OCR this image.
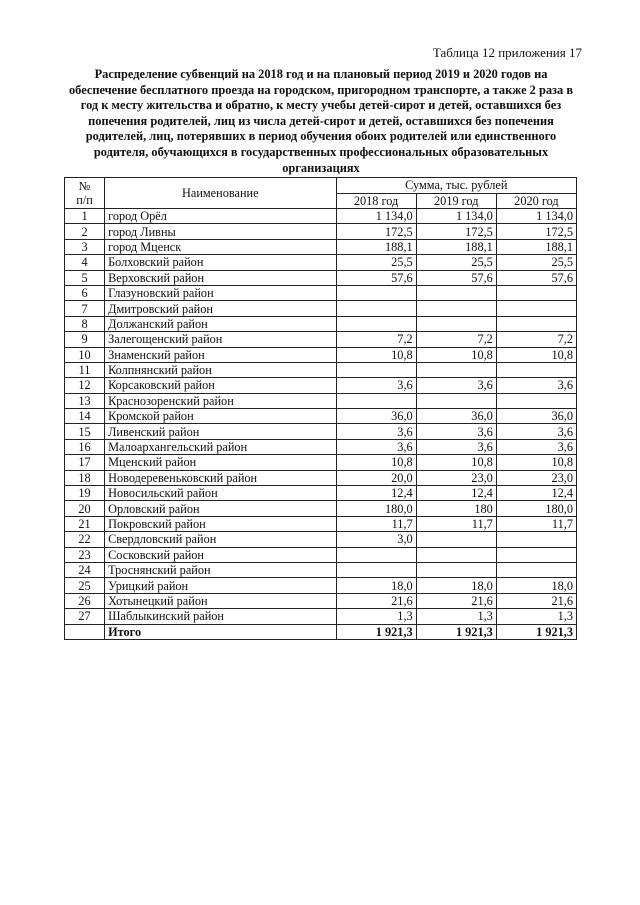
Таблица 12 приложения 17
Распределение субвенций на 2018 год и на плановый период 2019 и 2020 годов на обеспечение бесплатного проезда на городском, пригородном транспорте, а также 2 раза в год к месту жительства и обратно, к месту учебы детей-сирот и детей, оставшихся без попечения родителей, лиц из числа детей-сирот и детей, оставшихся без попечения родителей, лиц, потерявших в период обучения обоих родителей или единственного родителя, обучающихся в государственных профессиональных образовательных организациях
№ п/п	Наименование	Сумма, тыс. рублей		
		2018 год	2019 год	2020 год
1	город Орёл	1 134,0	1 134,0	1 134,0
2	город Ливны	172,5	172,5	172,5
3	город Мценск	188,1	188,1	188,1
4	Болховский район	25,5	25,5	25,5
5	Верховский район	57,6	57,6	57,6
6	Глазуновский район			
7	Дмитровский район			
8	Должанский район			
9	Залегощенский район	7,2	7,2	7,2
10	Знаменский район	10,8	10,8	10,8
11	Колпнянский район			
12	Корсаковский район	3,6	3,6	3,6
13	Краснозоренский район			
14	Кромской район	36,0	36,0	36,0
15	Ливенский район	3,6	3,6	3,6
16	Малоархангельский район	3,6	3,6	3,6
17	Мценский район	10,8	10,8	10,8
18	Новодеревеньковский район	20,0	23,0	23,0
19	Новосильский район	12,4	12,4	12,4
20	Орловский район	180,0	180	180,0
21	Покровский район	11,7	11,7	11,7
22	Свердловский район	3,0		
23	Сосковский район			
24	Троснянский район			
25	Урицкий район	18,0	18,0	18,0
26	Хотынецкий район	21,6	21,6	21,6
27	Шаблыкинский район	1,3	1,3	1,3
	Итого	1 921,3	1 921,3	1 921,3
